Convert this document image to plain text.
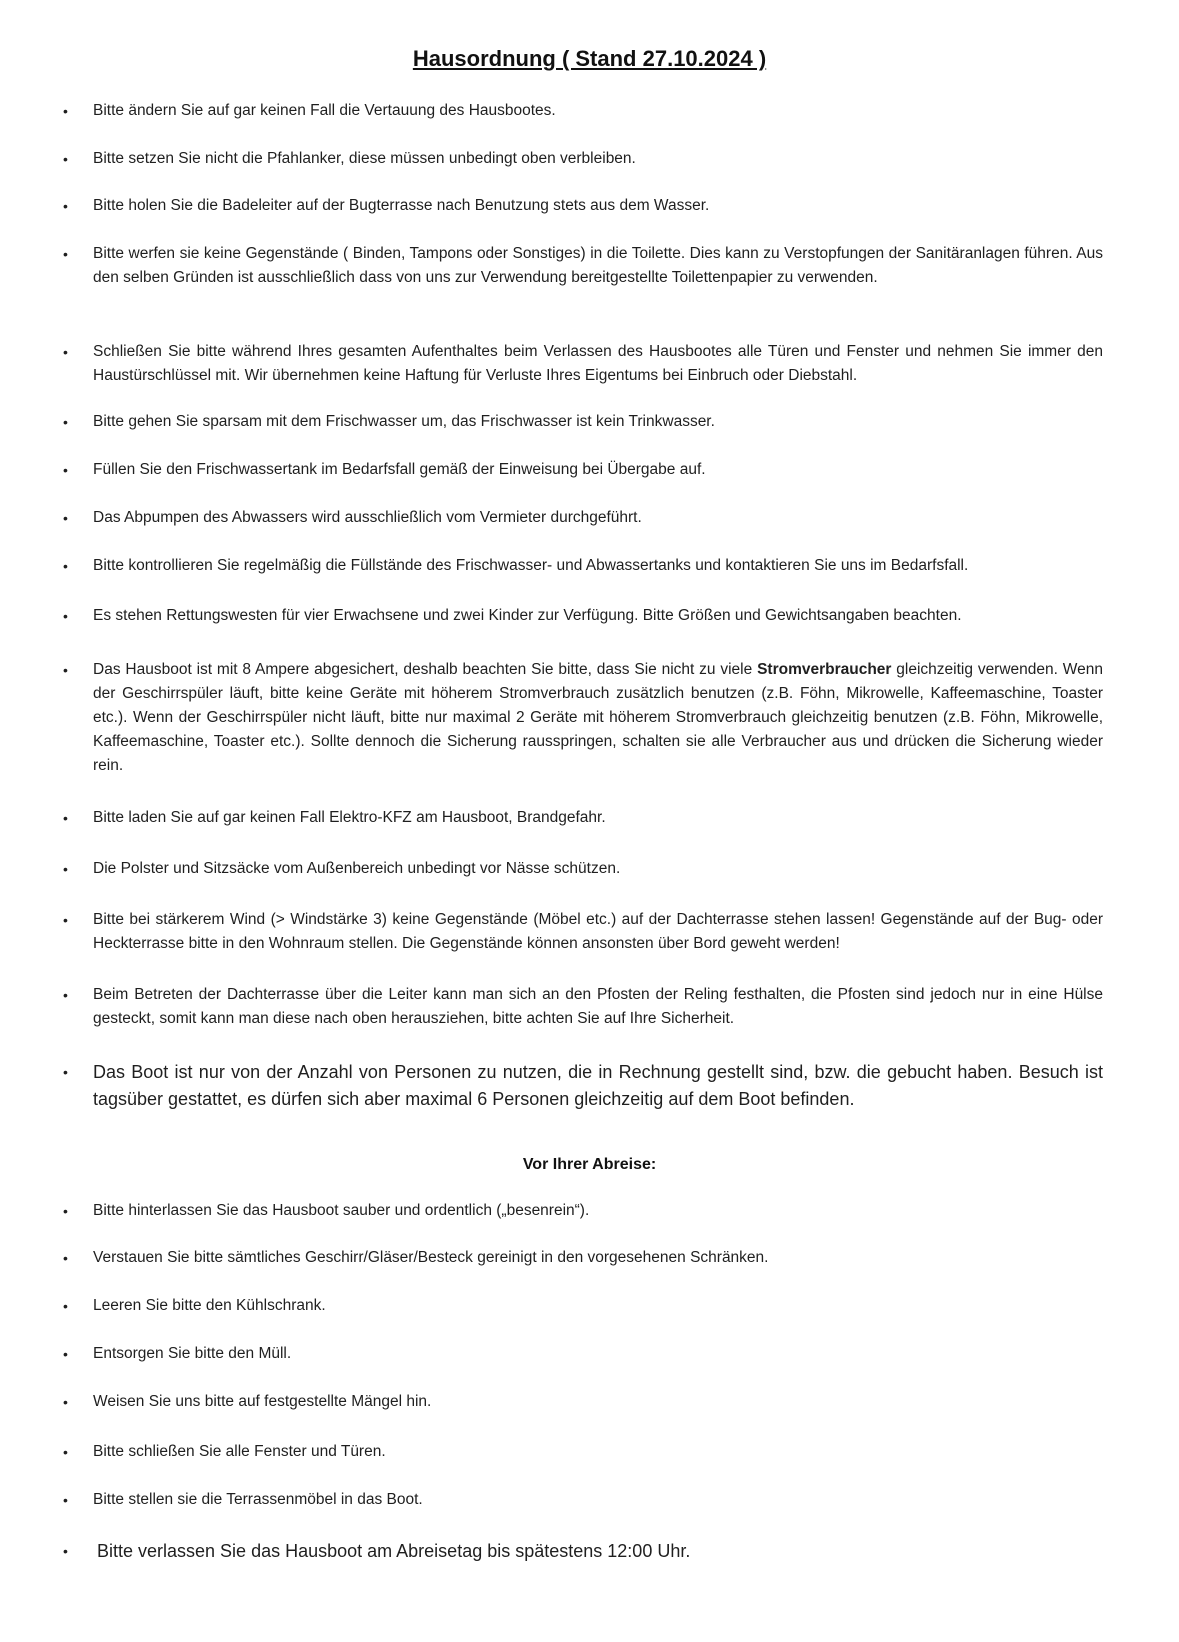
Hausordnung ( Stand 27.10.2024 )
• Bitte ändern Sie auf gar keinen Fall die Vertauung des Hausbootes.

• Bitte setzen Sie nicht die Pfahlanker, diese müssen unbedingt oben verbleiben.

• Bitte holen Sie die Badeleiter auf der Bugterrasse nach Benutzung stets aus dem Wasser.

• Bitte werfen sie keine Gegenstände ( Binden, Tampons oder Sonstiges) in die Toilette. Dies kann zu Verstopfungen der Sanitäranlagen führen. Aus den selben Gründen ist ausschließlich dass von uns zur Verwendung bereitgestellte Toilettenpapier zu verwenden.

• Schließen Sie bitte während Ihres gesamten Aufenthaltes beim Verlassen des Hausbootes alle Türen und Fenster und nehmen Sie immer den Haustürschlüssel mit. Wir übernehmen keine Haftung für Verluste Ihres Eigentums bei Einbruch oder Diebstahl.

• Bitte gehen Sie sparsam mit dem Frischwasser um, das Frischwasser ist kein Trinkwasser.

• Füllen Sie den Frischwassertank im Bedarfsfall gemäß der Einweisung bei Übergabe auf.

• Das Abpumpen des Abwassers wird ausschließlich vom Vermieter durchgeführt.

• Bitte kontrollieren Sie regelmäßig die Füllstände des Frischwasser- und Abwassertanks und kontaktieren Sie uns im Bedarfsfall.

• Es stehen Rettungswesten für vier Erwachsene und zwei Kinder zur Verfügung. Bitte Größen und Gewichtsangaben beachten.

• Das Hausboot ist mit 8 Ampere abgesichert, deshalb beachten Sie bitte, dass Sie nicht zu viele Stromverbraucher gleichzeitig verwenden. Wenn der Geschirrspüler läuft, bitte keine Geräte mit höherem Stromverbrauch zusätzlich benutzen (z.B. Föhn, Mikrowelle, Kaffeemaschine, Toaster etc.). Wenn der Geschirrspüler nicht läuft, bitte nur maximal 2 Geräte mit höherem Stromverbrauch gleichzeitig benutzen (z.B. Föhn, Mikrowelle, Kaffeemaschine, Toaster etc.). Sollte dennoch die Sicherung rausspringen, schalten sie alle Verbraucher aus und drücken die Sicherung wieder rein.

• Bitte laden Sie auf gar keinen Fall Elektro-KFZ am Hausboot, Brandgefahr.

• Die Polster und Sitzsäcke vom Außenbereich unbedingt vor Nässe schützen.

• Bitte bei stärkerem Wind (> Windstärke 3) keine Gegenstände (Möbel etc.) auf der Dachterrasse stehen lassen! Gegenstände auf der Bug- oder Heckterrasse bitte in den Wohnraum stellen. Die Gegenstände können ansonsten über Bord geweht werden!

• Beim Betreten der Dachterrasse über die Leiter kann man sich an den Pfosten der Reling festhalten, die Pfosten sind jedoch nur in eine Hülse gesteckt, somit kann man diese nach oben herausziehen, bitte achten Sie auf Ihre Sicherheit.

• Das Boot ist nur von der Anzahl von Personen zu nutzen, die in Rechnung gestellt sind, bzw. die gebucht haben. Besuch ist tagsüber gestattet, es dürfen sich aber maximal 6 Personen gleichzeitig auf dem Boot befinden.

Vor Ihrer Abreise:
• Bitte hinterlassen Sie das Hausboot sauber und ordentlich („besenrein“).

• Verstauen Sie bitte sämtliches Geschirr/Gläser/Besteck gereinigt in den vorgesehenen Schränken.

• Leeren Sie bitte den Kühlschrank.

• Entsorgen Sie bitte den Müll.

• Weisen Sie uns bitte auf festgestellte Mängel hin.

• Bitte schließen Sie alle Fenster und Türen.

• Bitte stellen sie die Terrassenmöbel in das Boot.

• Bitte verlassen Sie das Hausboot am Abreisetag bis spätestens 12:00 Uhr.
